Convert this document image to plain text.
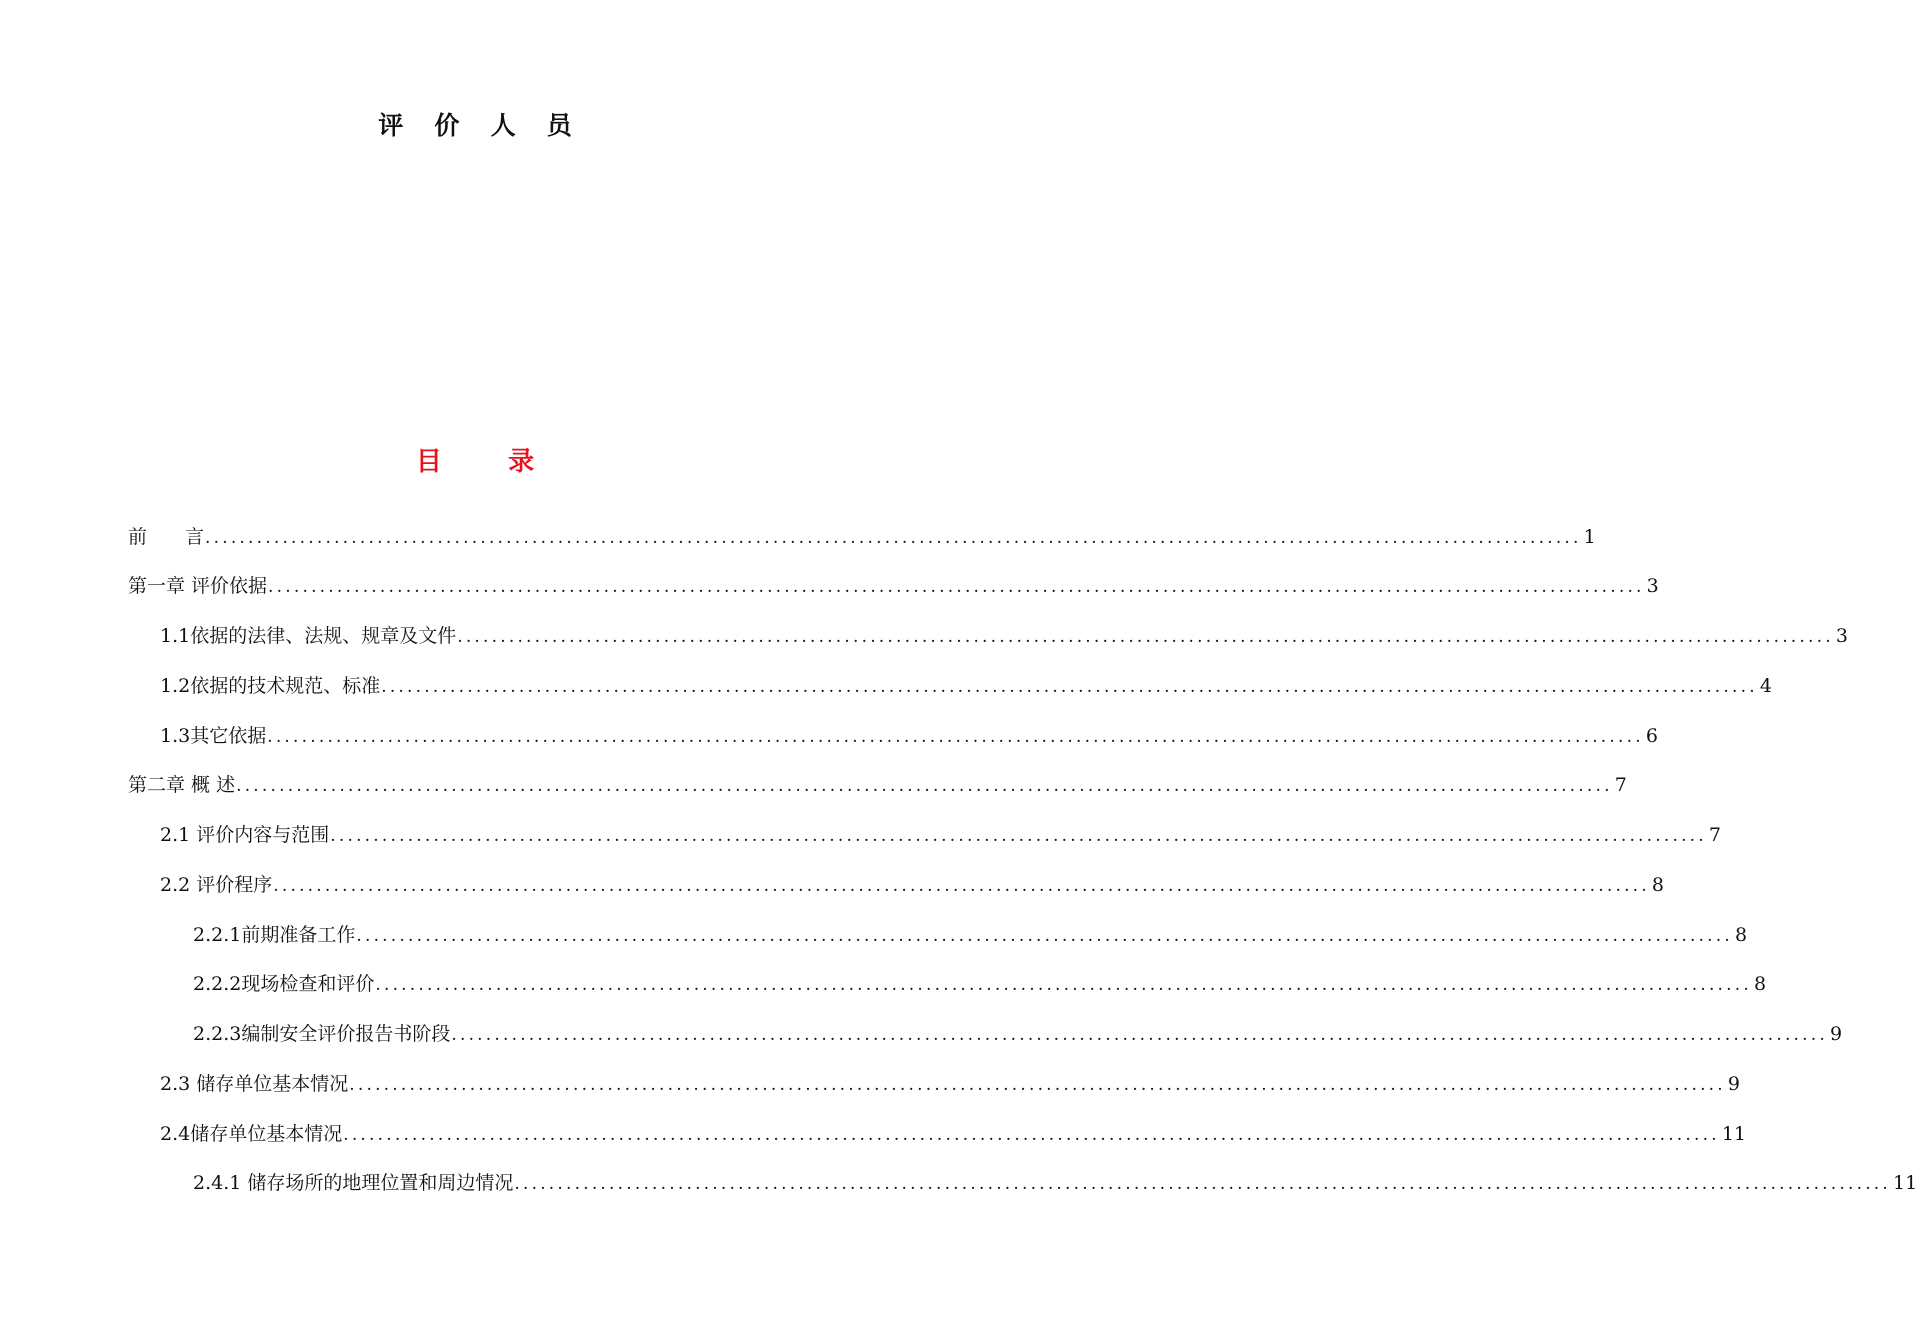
评 价 人 员
目 录
前　　言 ................................................................................................................................................................ 1
第一章 评价依据 ................................................................................................................................................................ 3
1.1依据的法律、法规、规章及文件 ................................................................................................................................................................ 3
1.2依据的技术规范、标准 ................................................................................................................................................................ 4
1.3其它依据 ................................................................................................................................................................ 6
第二章 概 述 ................................................................................................................................................................ 7
2.1 评价内容与范围 ................................................................................................................................................................ 7
2.2 评价程序 ................................................................................................................................................................ 8
2.2.1前期准备工作 ................................................................................................................................................................ 8
2.2.2现场检查和评价 ................................................................................................................................................................ 8
2.2.3编制安全评价报告书阶段 ................................................................................................................................................................ 9
2.3 储存单位基本情况 ................................................................................................................................................................ 9
2.4储存单位基本情况 ................................................................................................................................................................ 11
2.4.1 储存场所的地理位置和周边情况 ................................................................................................................................................................ 11
